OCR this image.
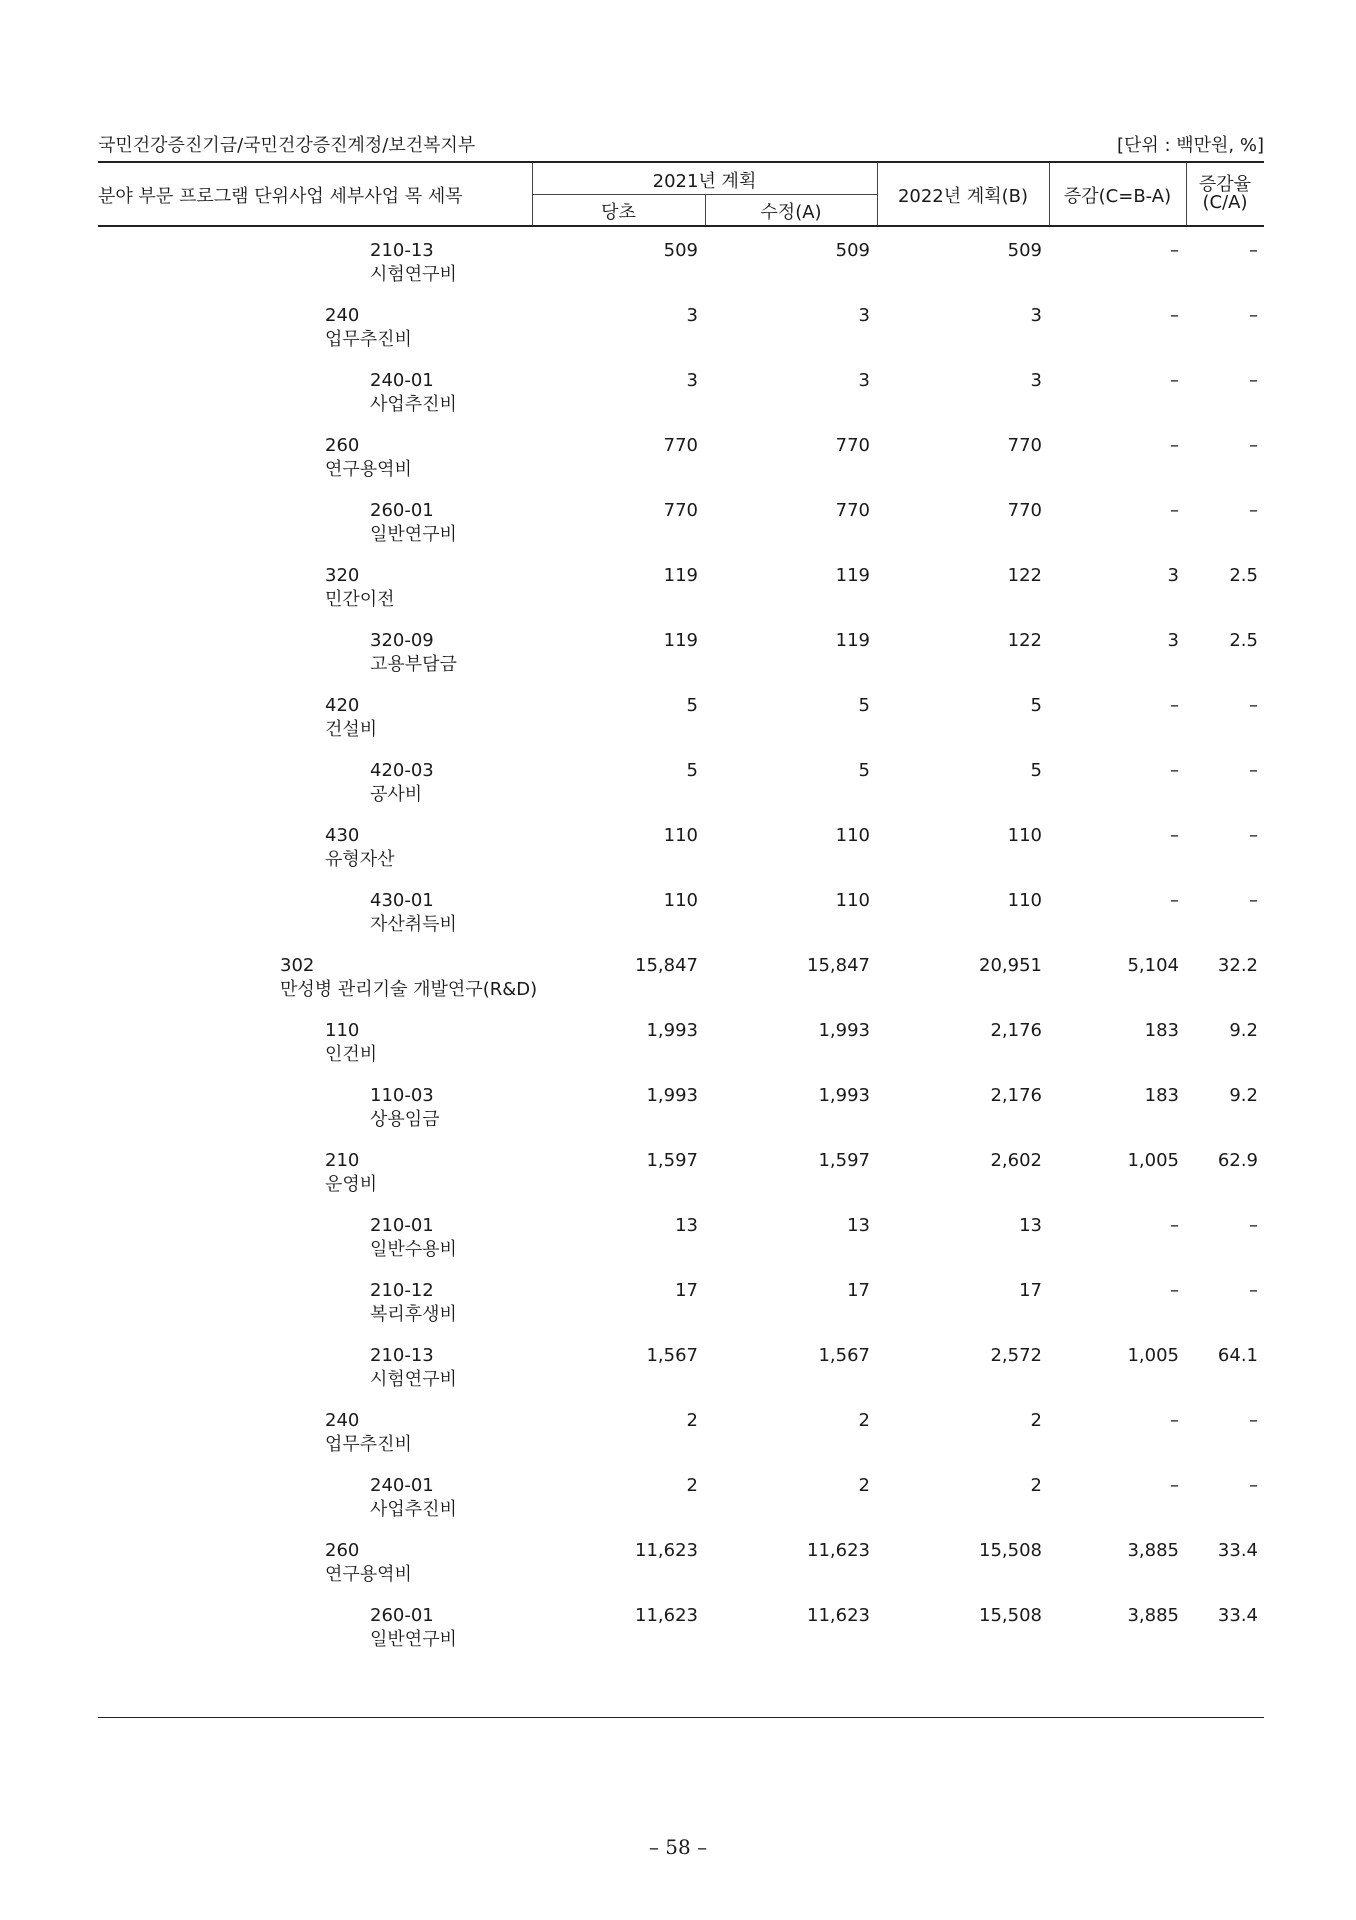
국민건강증진기금/국민건강증진계정/보건복지부	[단위 : 백만원, %]
분야 부문 프로그램 단위사업 세부사업 목 세목
2021년 계획
당초	수정(A)
2022년 계획(B)	증감(C=B-A)
증감율
(C/A)
210-13
시험연구비
509	509	509	–	–
240
업무추진비
3	3	3	–	–
240-01
사업추진비
3	3	3	–	–
260
연구용역비
770	770	770	–	–
260-01
일반연구비
770	770	770	–	–
320
민간이전
119	119	122	3	2.5
320-09
고용부담금
119	119	122	3	2.5
420
건설비
5	5	5	–	–
420-03
공사비
5	5	5	–	–
430
유형자산
110	110	110	–	–
430-01
자산취득비
110	110	110	–	–
302
만성병 관리기술 개발연구(R&D)
15,847	15,847	20,951	5,104 32.2
110
인건비
1,993	1,993	2,176	183	9.2
110-03
상용임금
1,993	1,993	2,176	183	9.2
210
운영비
1,597	1,597	2,602	1,005 62.9
210-01
일반수용비
13	13	13	–	–
210-12
복리후생비
17	17	17	–	–
210-13
시험연구비
1,567	1,567	2,572	1,005 64.1
240
업무추진비
2	2	2	–	–
240-01
사업추진비
2	2	2	–	–
260
연구용역비
11,623	11,623	15,508	3,885 33.4
260-01
일반연구비
11,623	11,623	15,508	3,885 33.4
– 58 –
